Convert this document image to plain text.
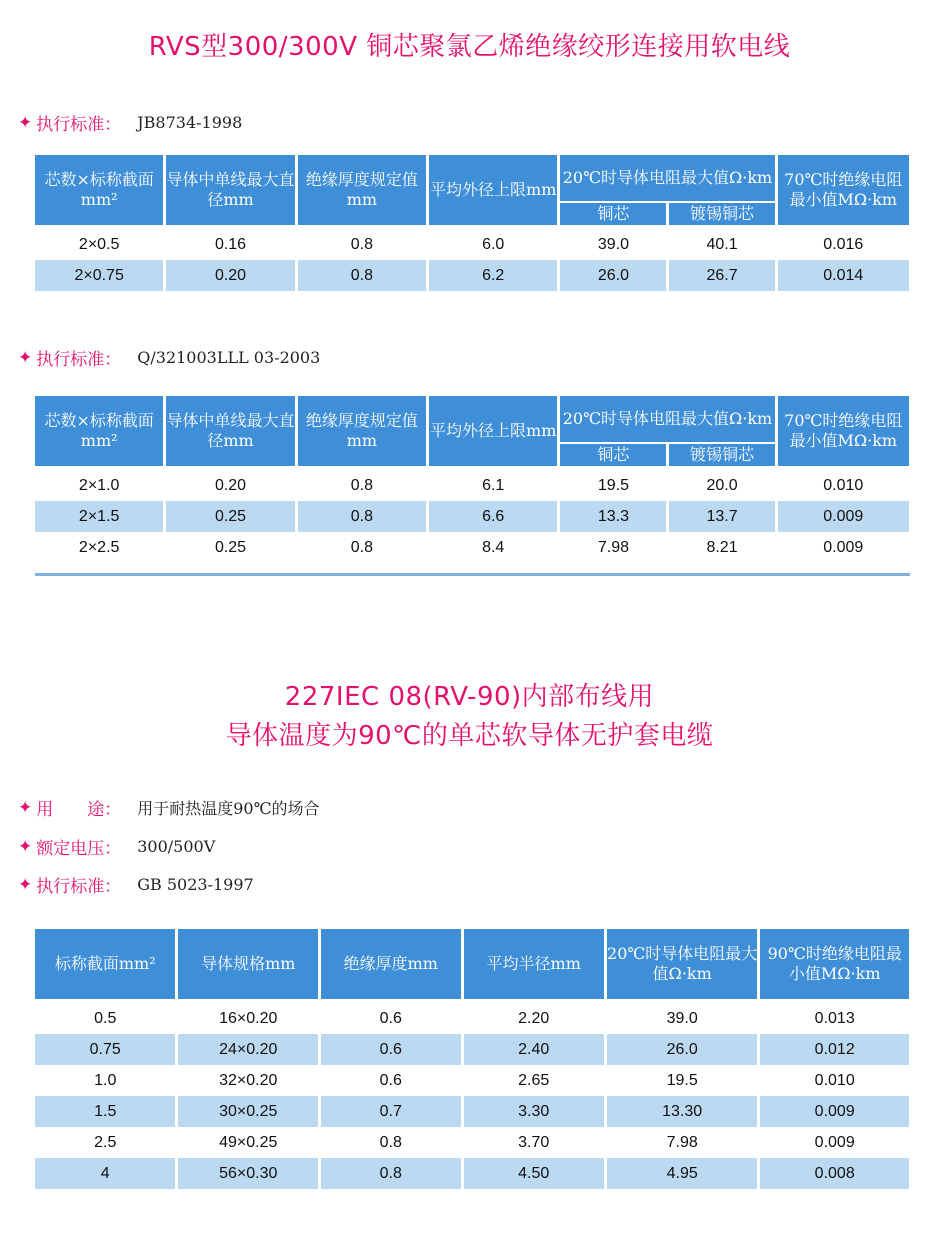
RVS型300/300V 铜芯聚氯乙烯绝缘绞形连接用软电线
✦ 执行标准： JB8734-1998
芯数×标称截面mm²	导体中单线最大直径mm	绝缘厚度规定值mm	平均外径上限mm	20℃时导体电阻最大值Ω·km		70℃时绝缘电阻最小值MΩ·km
				铜芯	镀锡铜芯	

2×0.5	0.16	0.8	6.0	39.0	40.1	0.016
2×0.75	0.20	0.8	6.2	26.0	26.7	0.014
✦ 执行标准： Q/321003LLL 03-2003
芯数×标称截面mm²	导体中单线最大直径mm	绝缘厚度规定值mm	平均外径上限mm	20℃时导体电阻最大值Ω·km		70℃时绝缘电阻最小值MΩ·km
				铜芯	镀锡铜芯	

2×1.0	0.20	0.8	6.1	19.5	20.0	0.010
2×1.5	0.25	0.8	6.6	13.3	13.7	0.009
2×2.5	0.25	0.8	8.4	7.98	8.21	0.009
227IEC 08(RV-90)内部布线用
导体温度为90℃的单芯软导体无护套电缆
✦ 用　　途： 用于耐热温度90℃的场合
✦ 额定电压： 300/500V
✦ 执行标准： GB 5023-1997
标称截面mm²	导体规格mm	绝缘厚度mm	平均半径mm	20℃时导体电阻最大值Ω·km	90℃时绝缘电阻最小值MΩ·km

0.5	16×0.20	0.6	2.20	39.0	0.013
0.75	24×0.20	0.6	2.40	26.0	0.012
1.0	32×0.20	0.6	2.65	19.5	0.010
1.5	30×0.25	0.7	3.30	13.30	0.009
2.5	49×0.25	0.8	3.70	7.98	0.009
4	56×0.30	0.8	4.50	4.95	0.008
